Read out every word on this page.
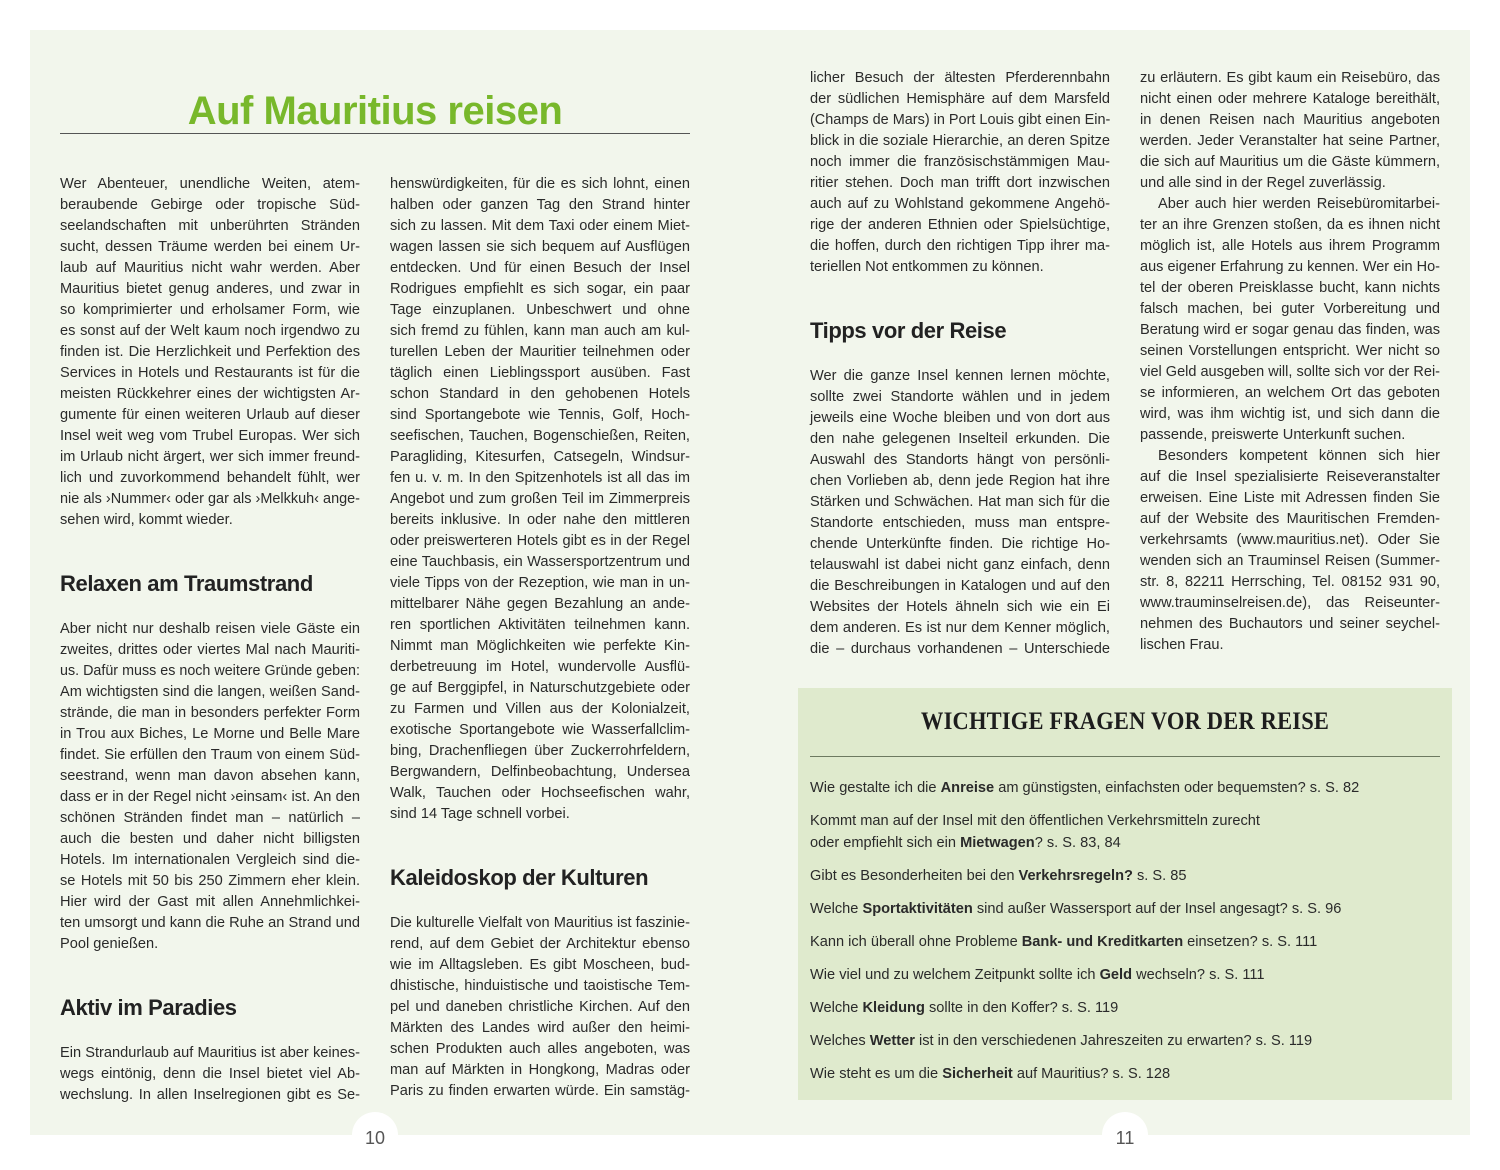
Auf Mauritius reisen
Wer Abenteuer, unendliche Weiten, atem-
beraubende Gebirge oder tropische Süd-
seelandschaften mit unberührten Stränden
sucht, dessen Träume werden bei einem Ur-
laub auf Mauritius nicht wahr werden. Aber
Mauritius bietet genug anderes, und zwar in
so komprimierter und erholsamer Form, wie
es sonst auf der Welt kaum noch irgendwo zu
finden ist. Die Herzlichkeit und Perfektion des
Services in Hotels und Restaurants ist für die
meisten Rückkehrer eines der wichtigsten Ar-
gumente für einen weiteren Urlaub auf dieser
Insel weit weg vom Trubel Europas. Wer sich
im Urlaub nicht ärgert, wer sich immer freund-
lich und zuvorkommend behandelt fühlt, wer
nie als ›Nummer‹ oder gar als ›Melkkuh‹ ange-
sehen wird, kommt wieder.
Relaxen am Traumstrand
Aber nicht nur deshalb reisen viele Gäste ein
zweites, drittes oder viertes Mal nach Mauriti-
us. Dafür muss es noch weitere Gründe geben:
Am wichtigsten sind die langen, weißen Sand-
strände, die man in besonders perfekter Form
in Trou aux Biches, Le Morne und Belle Mare
findet. Sie erfüllen den Traum von einem Süd-
seestrand, wenn man davon absehen kann,
dass er in der Regel nicht ›einsam‹ ist. An den
schönen Stränden findet man – natürlich –
auch die besten und daher nicht billigsten
Hotels. Im internationalen Vergleich sind die-
se Hotels mit 50 bis 250 Zimmern eher klein.
Hier wird der Gast mit allen Annehmlichkei-
ten umsorgt und kann die Ruhe an Strand und
Pool genießen.
Aktiv im Paradies
Ein Strandurlaub auf Mauritius ist aber keines-
wegs eintönig, denn die Insel bietet viel Ab-
wechslung. In allen Inselregionen gibt es Se-
henswürdigkeiten, für die es sich lohnt, einen
halben oder ganzen Tag den Strand hinter
sich zu lassen. Mit dem Taxi oder einem Miet-
wagen lassen sie sich bequem auf Ausflügen
entdecken. Und für einen Besuch der Insel
Rodrigues empfiehlt es sich sogar, ein paar
Tage einzuplanen. Unbeschwert und ohne
sich fremd zu fühlen, kann man auch am kul-
turellen Leben der Mauritier teilnehmen oder
täglich einen Lieblingssport ausüben. Fast
schon Standard in den gehobenen Hotels
sind Sportangebote wie Tennis, Golf, Hoch-
seefischen, Tauchen, Bogenschießen, Reiten,
Paragliding, Kitesurfen, Catsegeln, Windsur-
fen u. v. m. In den Spitzenhotels ist all das im
Angebot und zum großen Teil im Zimmerpreis
bereits inklusive. In oder nahe den mittleren
oder preiswerteren Hotels gibt es in der Regel
eine Tauchbasis, ein Wassersportzentrum und
viele Tipps von der Rezeption, wie man in un-
mittelbarer Nähe gegen Bezahlung an ande-
ren sportlichen Aktivitäten teilnehmen kann.
Nimmt man Möglichkeiten wie perfekte Kin-
derbetreuung im Hotel, wundervolle Ausflü-
ge auf Berggipfel, in Naturschutzgebiete oder
zu Farmen und Villen aus der Kolonialzeit,
exotische Sportangebote wie Wasserfallclim-
bing, Drachenfliegen über Zuckerrohrfeldern,
Bergwandern, Delfinbeobachtung, Undersea
Walk, Tauchen oder Hochseefischen wahr,
sind 14 Tage schnell vorbei.
Kaleidoskop der Kulturen
Die kulturelle Vielfalt von Mauritius ist faszinie-
rend, auf dem Gebiet der Architektur ebenso
wie im Alltagsleben. Es gibt Moscheen, bud-
dhistische, hinduistische und taoistische Tem-
pel und daneben christliche Kirchen. Auf den
Märkten des Landes wird außer den heimi-
schen Produkten auch alles angeboten, was
man auf Märkten in Hongkong, Madras oder
Paris zu finden erwarten würde. Ein samstäg-
licher Besuch der ältesten Pferderennbahn
der südlichen Hemisphäre auf dem Marsfeld
(Champs de Mars) in Port Louis gibt einen Ein-
blick in die soziale Hierarchie, an deren Spitze
noch immer die französischstämmigen Mau-
ritier stehen. Doch man trifft dort inzwischen
auch auf zu Wohlstand gekommene Angehö-
rige der anderen Ethnien oder Spielsüchtige,
die hoffen, durch den richtigen Tipp ihrer ma-
teriellen Not entkommen zu können.
Tipps vor der Reise
Wer die ganze Insel kennen lernen möchte,
sollte zwei Standorte wählen und in jedem
jeweils eine Woche bleiben und von dort aus
den nahe gelegenen Inselteil erkunden. Die
Auswahl des Standorts hängt von persönli-
chen Vorlieben ab, denn jede Region hat ihre
Stärken und Schwächen. Hat man sich für die
Standorte entschieden, muss man entspre-
chende Unterkünfte finden. Die richtige Ho-
telauswahl ist dabei nicht ganz einfach, denn
die Beschreibungen in Katalogen und auf den
Websites der Hotels ähneln sich wie ein Ei
dem anderen. Es ist nur dem Kenner möglich,
die – durchaus vorhandenen – Unterschiede
zu erläutern. Es gibt kaum ein Reisebüro, das
nicht einen oder mehrere Kataloge bereithält,
in denen Reisen nach Mauritius angeboten
werden. Jeder Veranstalter hat seine Partner,
die sich auf Mauritius um die Gäste kümmern,
und alle sind in der Regel zuverlässig.
Aber auch hier werden Reisebüromitarbei-
ter an ihre Grenzen stoßen, da es ihnen nicht
möglich ist, alle Hotels aus ihrem Programm
aus eigener Erfahrung zu kennen. Wer ein Ho-
tel der oberen Preisklasse bucht, kann nichts
falsch machen, bei guter Vorbereitung und
Beratung wird er sogar genau das finden, was
seinen Vorstellungen entspricht. Wer nicht so
viel Geld ausgeben will, sollte sich vor der Rei-
se informieren, an welchem Ort das geboten
wird, was ihm wichtig ist, und sich dann die
passende, preiswerte Unterkunft suchen.
Besonders kompetent können sich hier
auf die Insel spezialisierte Reiseveranstalter
erweisen. Eine Liste mit Adressen finden Sie
auf der Website des Mauritischen Fremden-
verkehrsamts (www.mauritius.net). Oder Sie
wenden sich an Trauminsel Reisen (Summer-
str. 8, 82211 Herrsching, Tel. 08152 931 90,
www.trauminselreisen.de), das Reiseunter-
nehmen des Buchautors und seiner seychel-
lischen Frau.
WICHTIGE FRAGEN VOR DER REISE
Wie gestalte ich die Anreise am günstigsten, einfachsten oder bequemsten? s. S. 82
Kommt man auf der Insel mit den öffentlichen Verkehrsmitteln zurecht
oder empfiehlt sich ein Mietwagen? s. S. 83, 84
Gibt es Besonderheiten bei den Verkehrsregeln? s. S. 85
Welche Sportaktivitäten sind außer Wassersport auf der Insel angesagt? s. S. 96
Kann ich überall ohne Probleme Bank- und Kreditkarten einsetzen? s. S. 111
Wie viel und zu welchem Zeitpunkt sollte ich Geld wechseln? s. S. 111
Welche Kleidung sollte in den Koffer? s. S. 119
Welches Wetter ist in den verschiedenen Jahreszeiten zu erwarten? s. S. 119
Wie steht es um die Sicherheit auf Mauritius? s. S. 128
10	11
